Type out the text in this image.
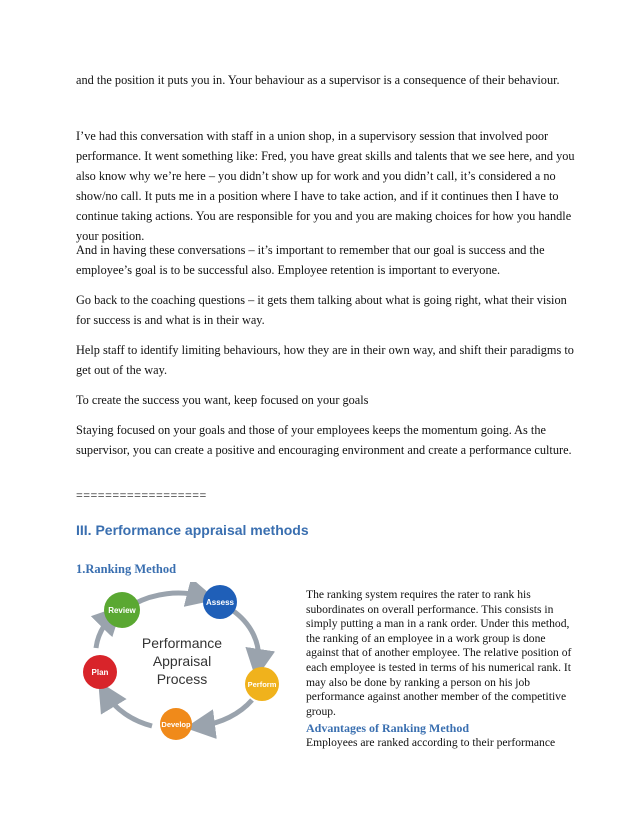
and the position it puts you in. Your behaviour as a supervisor is a consequence of their behaviour.

I’ve had this conversation with staff in a union shop, in a supervisory session that involved poor performance. It went something like: Fred, you have great skills and talents that we see here, and you also know why we’re here – you didn’t show up for work and you didn’t call, it’s considered a no show/no call. It puts me in a position where I have to take action, and if it continues then I have to continue taking actions. You are responsible for you and you are making choices for how you handle your position.

And in having these conversations – it’s important to remember that our goal is success and the employee’s goal is to be successful also. Employee retention is important to everyone.

Go back to the coaching questions – it gets them talking about what is going right, what their vision for success is and what is in their way.

Help staff to identify limiting behaviours, how they are in their own way, and shift their paradigms to get out of the way.

To create the success you want, keep focused on your goals

Staying focused on your goals and those of your employees keeps the momentum going. As the supervisor, you can create a positive and encouraging environment and create a performance culture.

==================
III. Performance appraisal methods
1.Ranking Method
Review
Assess
Perform
Develop
Plan
Performance
Appraisal
Process

The ranking system requires the rater to rank his subordinates on overall performance. This consists in simply putting a man in a rank order. Under this method, the ranking of an employee in a work group is done against that of another employee. The relative position of each employee is tested in terms of his numerical rank. It may also be done by ranking a person on his job performance against another member of the competitive group.

Advantages of Ranking Method

Employees are ranked according to their performance
